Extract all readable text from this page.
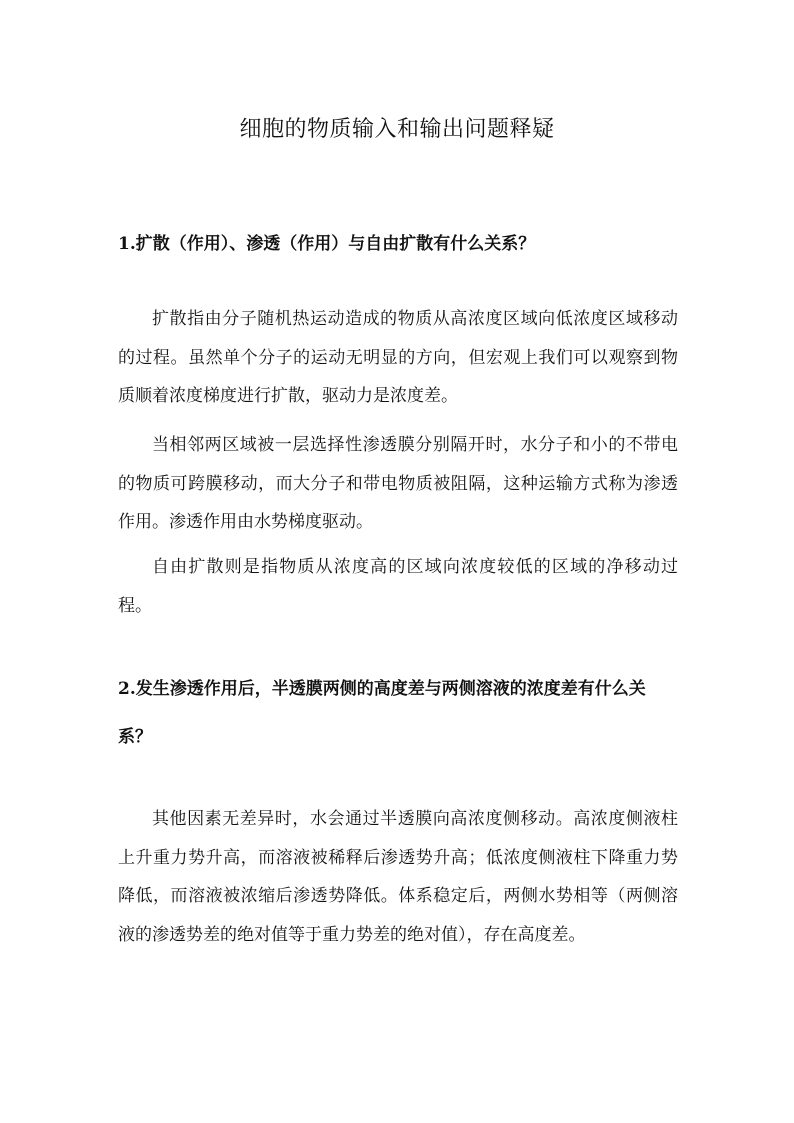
细胞的物质输入和输出问题释疑
1.扩散（作用）、渗透（作用）与自由扩散有什么关系？

扩散指由分子随机热运动造成的物质从高浓度区域向低浓度区域移动的过程。虽然单个分子的运动无明显的方向，但宏观上我们可以观察到物质顺着浓度梯度进行扩散，驱动力是浓度差。

当相邻两区域被一层选择性渗透膜分别隔开时，水分子和小的不带电的物质可跨膜移动，而大分子和带电物质被阻隔，这种运输方式称为渗透作用。渗透作用由水势梯度驱动。

自由扩散则是指物质从浓度高的区域向浓度较低的区域的净移动过程。

2.发生渗透作用后，半透膜两侧的高度差与两侧溶液的浓度差有什么关系？

其他因素无差异时，水会通过半透膜向高浓度侧移动。高浓度侧液柱上升重力势升高，而溶液被稀释后渗透势升高；低浓度侧液柱下降重力势降低，而溶液被浓缩后渗透势降低。体系稳定后，两侧水势相等（两侧溶液的渗透势差的绝对值等于重力势差的绝对值），存在高度差。
